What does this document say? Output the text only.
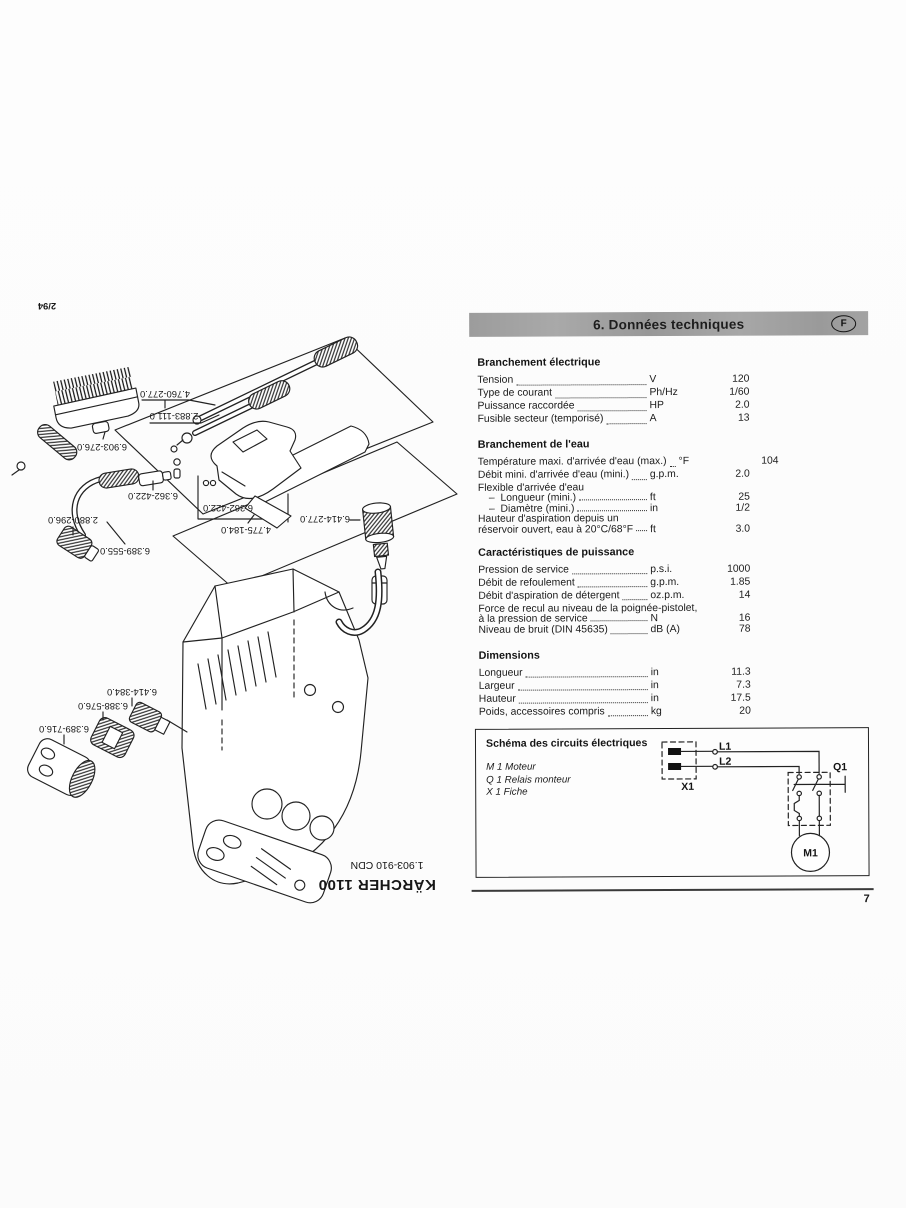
2/94
6.903-276.0
4.760-277.0
2.883-111.0
6.362-422.0
2.880-296.0
6.389-555.0
6.362-422.0
4.775-184.0
6.414-277.0
6.414-384.0
6.388-576.0
6.389-716.0
1.903-910 CDN
KÄRCHER 1100
6. Données techniques	F
Branchement électrique
Tension	V	120
Type de courant	Ph/Hz	1/60
Puissance raccordée	HP	2.0
Fusible secteur (temporisé)	A	13
Branchement de l'eau
Température maxi. d'arrivée d'eau (max.) °F	104
Débit mini. d'arrivée d'eau (mini.) g.p.m.	2.0
Flexible d'arrivée d'eau
–  Longueur (mini.)	ft	25
–  Diamètre (mini.)	in	1/2
Hauteur d'aspiration depuis un
réservoir ouvert, eau à 20°C/68°F ft	3.0
Caractéristiques de puissance
Pression de service	p.s.i.	1000
Débit de refoulement	g.p.m.	1.85
Débit d'aspiration de détergent	oz.p.m.	14
Force de recul au niveau de la poignée-pistolet,
à la pression de service	N	16
Niveau de bruit (DIN 45635)	dB (A)	78
Dimensions
Longueur	in	11.3
Largeur	in	7.3
Hauteur	in	17.5
Poids, accessoires compris	kg	20
Schéma des circuits électriques
M 1 Moteur
Q 1 Relais monteur
X 1 Fiche
L1
L2
X1
Q1
M1
7
